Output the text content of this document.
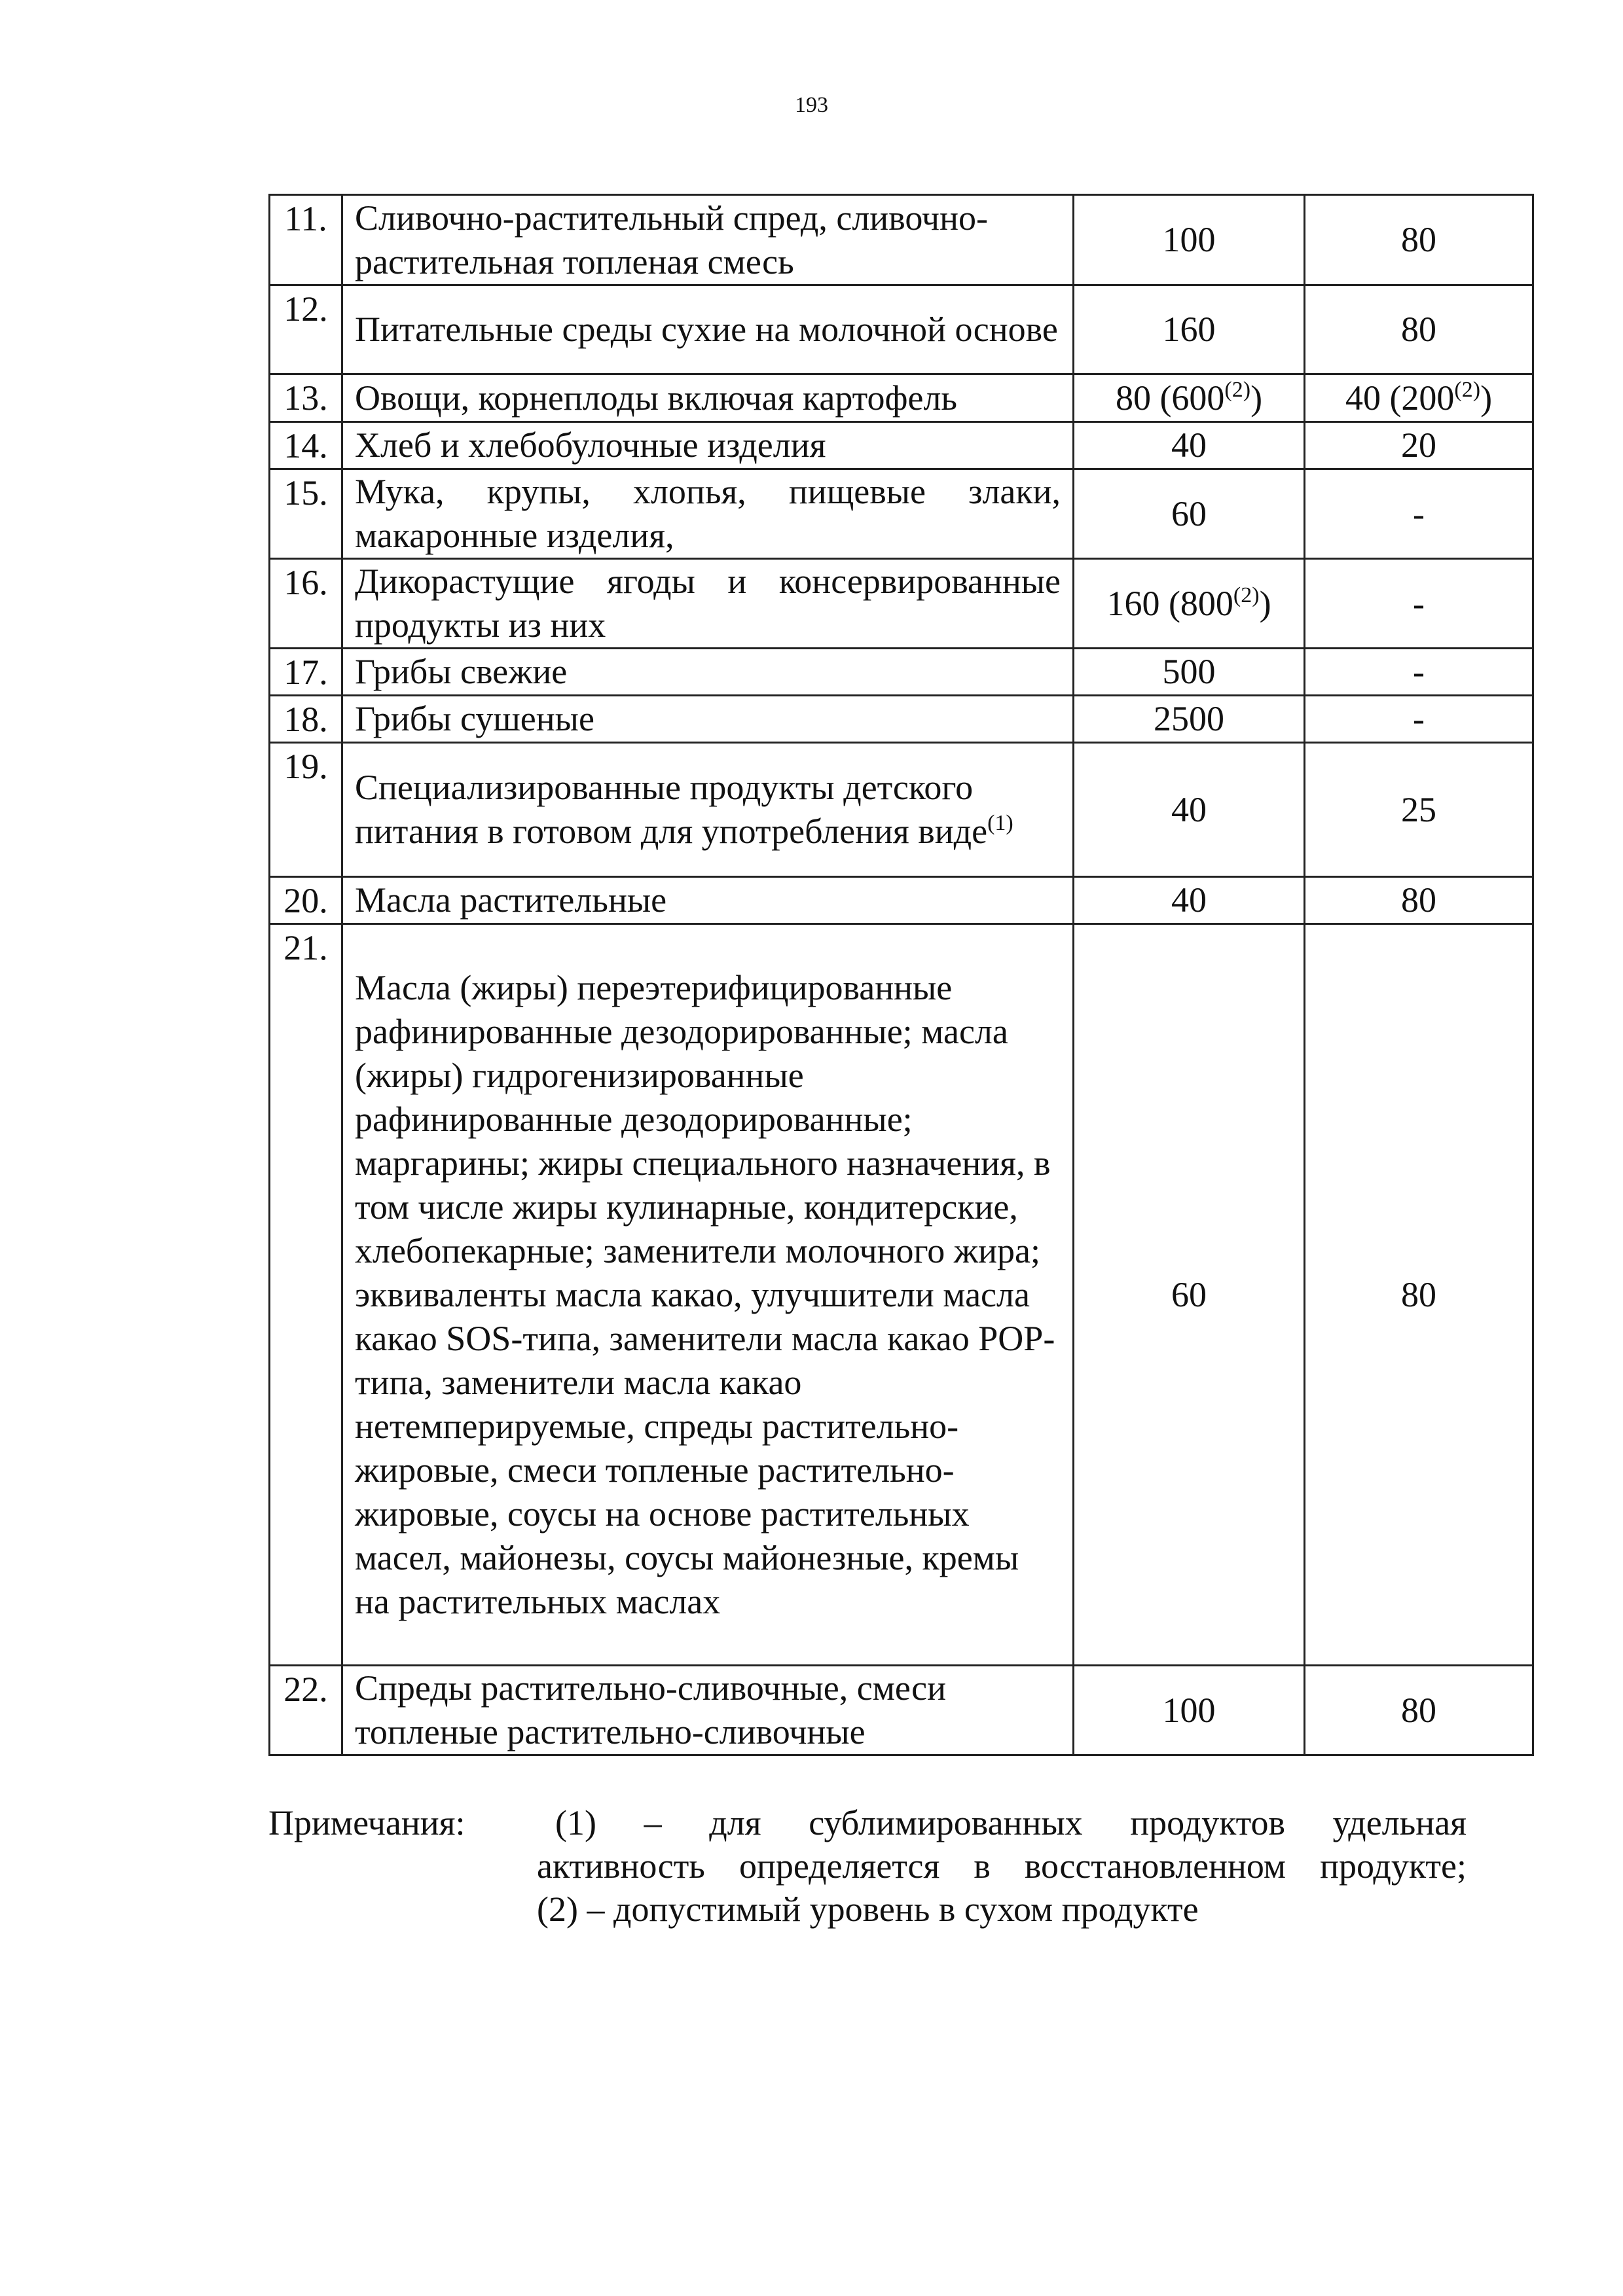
193
11.	Сливочно-растительный спред, сливочно-растительная топленая смесь	100	80
12.	Питательные среды сухие на молочной основе	160	80
13.	Овощи, корнеплоды включая картофель	80 (600$^{(2)}$)	40 (200$^{(2)}$)
14.	Хлеб и хлебобулочные изделия	40	20
15.	Мука, крупы, хлопья, пищевые злаки, макаронные изделия,	60	-
16.	Дикорастущие ягоды и консервированные продукты из них	160 (800$^{(2)}$)	-
17.	Грибы свежие	500	-
18.	Грибы сушеные	2500	-
19.	Специализированные продукты детского питания в готовом для употребления виде$^{(1)}$	40	25
20.	Масла растительные	40	80
21.	Масла (жиры) переэтерифицированные рафинированные дезодорированные; масла (жиры) гидрогенизированные рафинированные дезодорированные; маргарины; жиры специального назначения, в том числе жиры кулинарные, кондитерские, хлебопекарные; заменители молочного жира; эквиваленты масла какао, улучшители масла какао SOS-типа, заменители масла какао POP-типа, заменители масла какао нетемперируемые, спреды растительно-жировые, смеси топленые растительно-жировые, соусы на основе растительных масел, майонезы, соусы майонезные, кремы на растительных маслах	60	80
22.	Спреды растительно-сливочные, смеси топленые растительно-сливочные	100	80
Примечания:	(1) – для сублимированных продуктов удельная
активность определяется в восстановленном продукте;
(2) – допустимый уровень в сухом продукте
